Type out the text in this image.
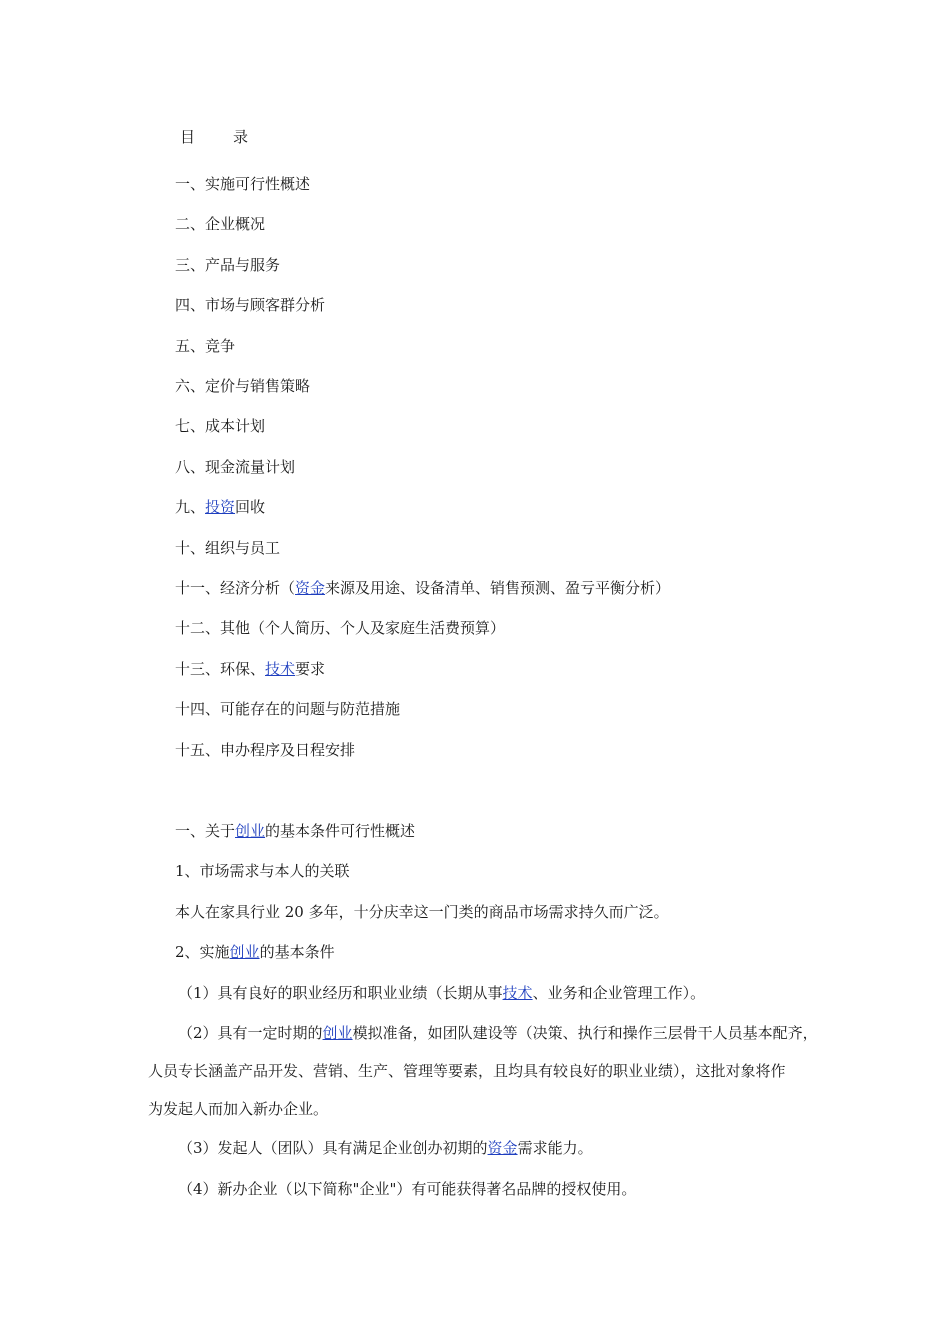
目	录
一、实施可行性概述
二、企业概况
三、产品与服务
四、市场与顾客群分析
五、竞争
六、定价与销售策略
七、成本计划
八、现金流量计划
九、投资回收
十、组织与员工
十一、经济分析（资金来源及用途、设备清单、销售预测、盈亏平衡分析）
十二、其他（个人简历、个人及家庭生活费预算）
十三、环保、技术要求
十四、可能存在的问题与防范措施
十五、申办程序及日程安排
一、关于创业的基本条件可行性概述
1、市场需求与本人的关联
本人在家具行业 20 多年，十分庆幸这一门类的商品市场需求持久而广泛。
2、实施创业的基本条件
（1）具有良好的职业经历和职业业绩（长期从事技术、业务和企业管理工作）。
（2）具有一定时期的创业模拟准备，如团队建设等（决策、执行和操作三层骨干人员基本配齐，
人员专长涵盖产品开发、营销、生产、管理等要素，且均具有较良好的职业业绩），这批对象将作
为发起人而加入新办企业。
（3）发起人（团队）具有满足企业创办初期的资金需求能力。
（4）新办企业（以下简称"企业"）有可能获得著名品牌的授权使用。
